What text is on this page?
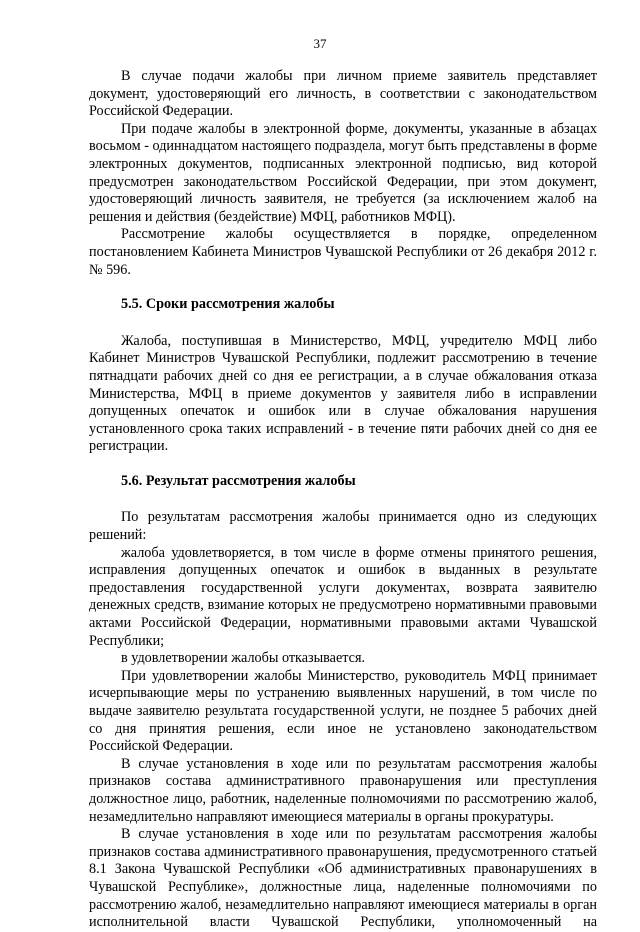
37

В случае подачи жалобы при личном приеме заявитель представляет документ, удостоверяющий его личность, в соответствии с законодательством Российской Федерации.

При подаче жалобы в электронной форме, документы, указанные в абзацах восьмом - одиннадцатом настоящего подраздела, могут быть представлены в форме электронных документов, подписанных электронной подписью, вид которой предусмотрен законодательством Российской Федерации, при этом документ, удостоверяющий личность заявителя, не требуется (за исключением жалоб на решения и действия (бездействие) МФЦ, работников МФЦ).

Рассмотрение жалобы осуществляется в порядке, определенном постановлением Кабинета Министров Чувашской Республики от 26 декабря 2012 г. № 596.

5.5. Сроки рассмотрения жалобы

Жалоба, поступившая в Министерство, МФЦ, учредителю МФЦ либо Кабинет Министров Чувашской Республики, подлежит рассмотрению в течение пятнадцати рабочих дней со дня ее регистрации, а в случае обжалования отказа Министерства, МФЦ в приеме документов у заявителя либо в исправлении допущенных опечаток и ошибок или в случае обжалования нарушения установленного срока таких исправлений - в течение пяти рабочих дней со дня ее регистрации.

5.6. Результат рассмотрения жалобы

По результатам рассмотрения жалобы принимается одно из следующих решений:

жалоба удовлетворяется, в том числе в форме отмены принятого решения, исправления допущенных опечаток и ошибок в выданных в результате предоставления государственной услуги документах, возврата заявителю денежных средств, взимание которых не предусмотрено нормативными правовыми актами Российской Федерации, нормативными правовыми актами Чувашской Республики;

в удовлетворении жалобы отказывается.

При удовлетворении жалобы Министерство, руководитель МФЦ принимает исчерпывающие меры по устранению выявленных нарушений, в том числе по выдаче заявителю результата государственной услуги, не позднее 5 рабочих дней со дня принятия решения, если иное не установлено законодательством Российской Федерации.

В случае установления в ходе или по результатам рассмотрения жалобы признаков состава административного правонарушения или преступления должностное лицо, работник, наделенные полномочиями по рассмотрению жалоб, незамедлительно направляют имеющиеся материалы в органы прокуратуры.

В случае установления в ходе или по результатам рассмотрения жалобы признаков состава административного правонарушения, предусмотренного статьей 8.1 Закона Чувашской Республики «Об административных правонарушениях в Чувашской Республике», должностные лица, наделенные полномочиями по рассмотрению жалоб, незамедлительно направляют имеющиеся материалы в орган исполнительной власти Чувашской Республики, уполномоченный на
